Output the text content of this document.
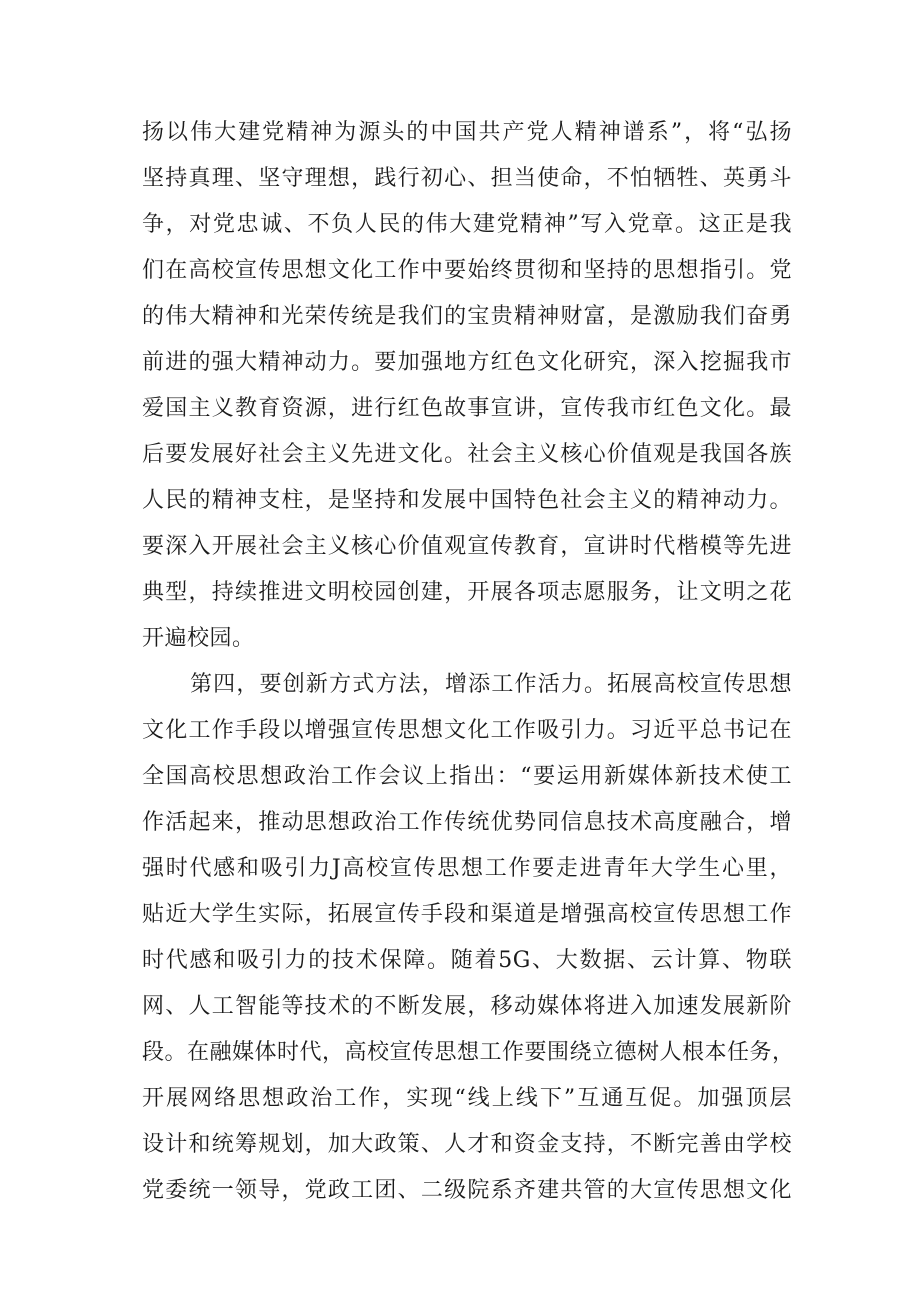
扬以伟大建党精神为源头的中国共产党人精神谱系”，将“弘扬
坚持真理、坚守理想，践行初心、担当使命，不怕牺牲、英勇斗
争，对党忠诚、不负人民的伟大建党精神”写入党章。这正是我
们在高校宣传思想文化工作中要始终贯彻和坚持的思想指引。党
的伟大精神和光荣传统是我们的宝贵精神财富，是激励我们奋勇
前进的强大精神动力。要加强地方红色文化研究，深入挖掘我市
爱国主义教育资源，进行红色故事宣讲，宣传我市红色文化。最
后要发展好社会主义先进文化。社会主义核心价值观是我国各族
人民的精神支柱，是坚持和发展中国特色社会主义的精神动力。
要深入开展社会主义核心价值观宣传教育，宣讲时代楷模等先进
典型，持续推进文明校园创建，开展各项志愿服务，让文明之花
开遍校园。
第四，要创新方式方法，增添工作活力。拓展高校宣传思想
文化工作手段以增强宣传思想文化工作吸引力。习近平总书记在
全国高校思想政治工作会议上指出：“要运用新媒体新技术使工
作活起来，推动思想政治工作传统优势同信息技术高度融合，增
强时代感和吸引力J高校宣传思想工作要走进青年大学生心里，
贴近大学生实际，拓展宣传手段和渠道是增强高校宣传思想工作
时代感和吸引力的技术保障。随着5G、大数据、云计算、物联
网、人工智能等技术的不断发展，移动媒体将进入加速发展新阶
段。在融媒体时代，高校宣传思想工作要围绕立德树人根本任务，
开展网络思想政治工作，实现“线上线下”互通互促。加强顶层
设计和统筹规划，加大政策、人才和资金支持，不断完善由学校
党委统一领导，党政工团、二级院系齐建共管的大宣传思想文化
